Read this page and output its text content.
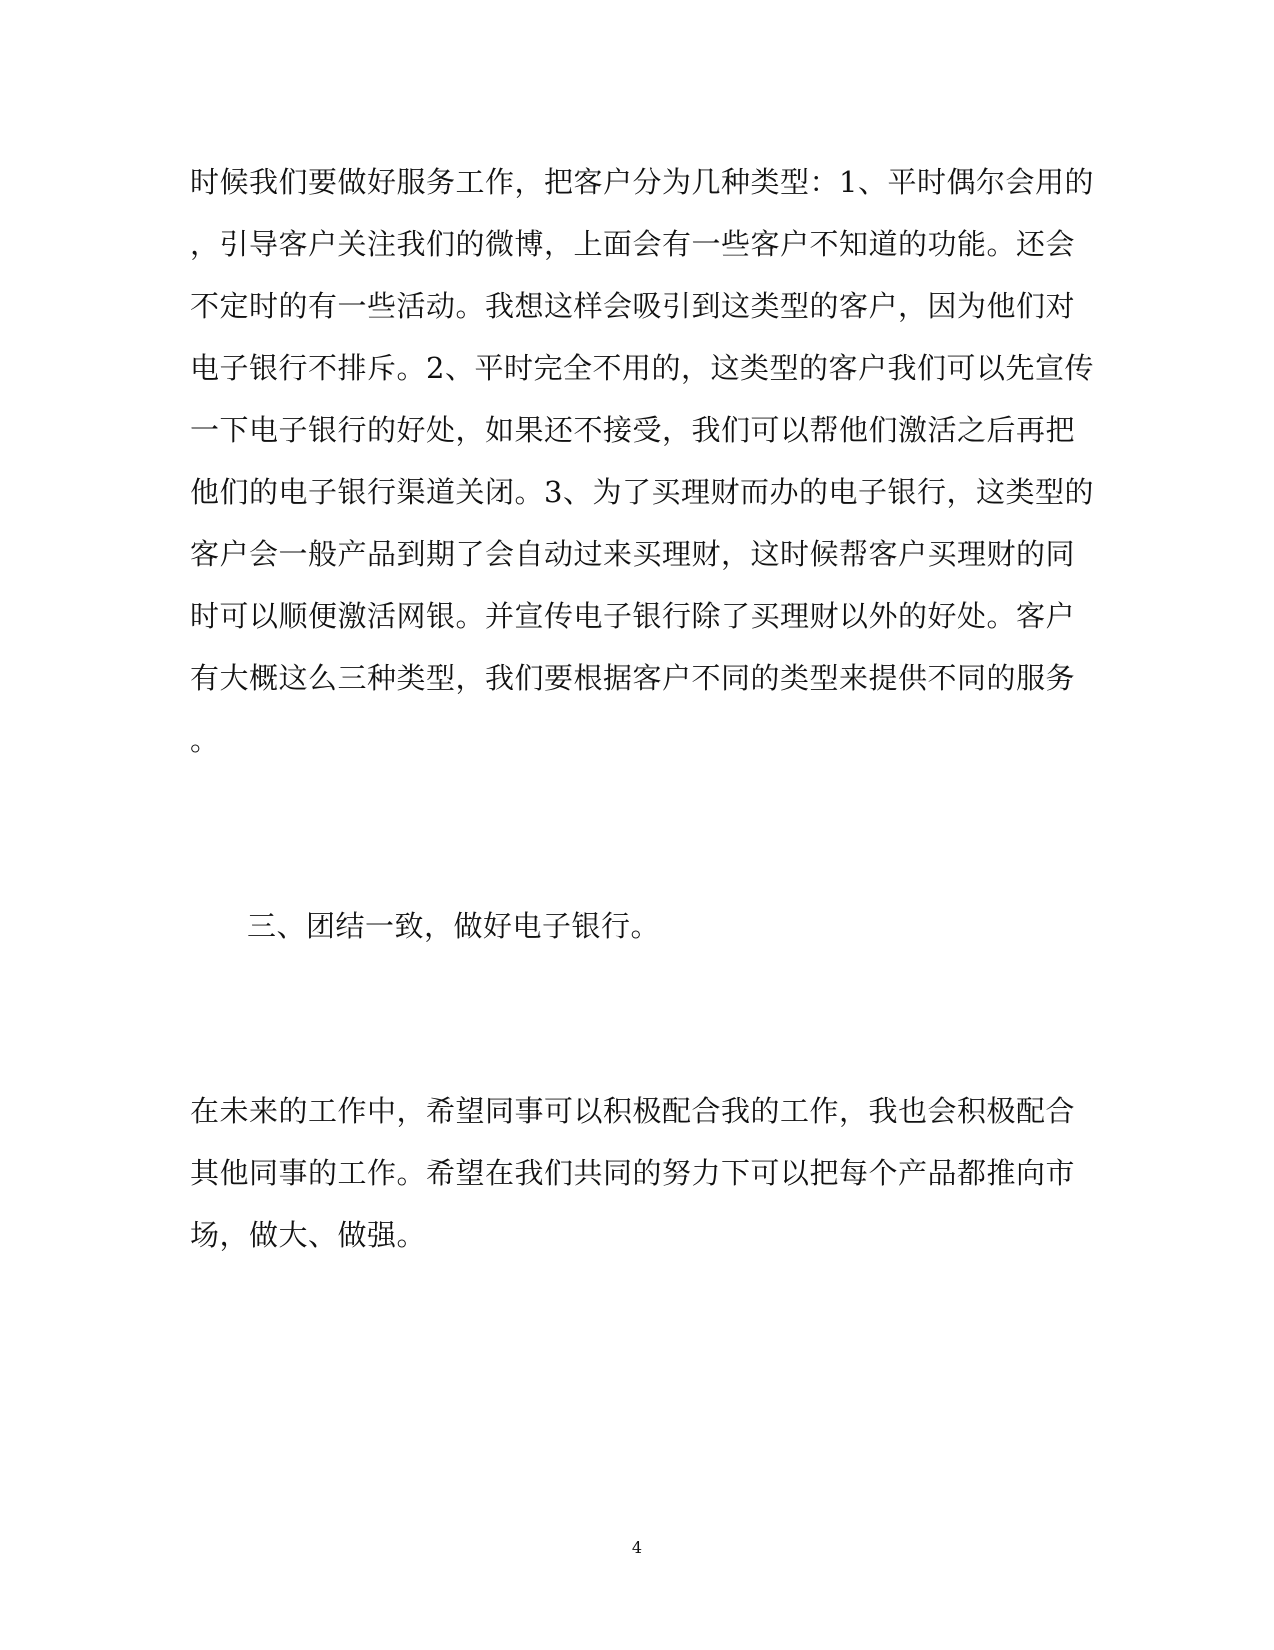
时候我们要做好服务工作，把客户分为几种类型：1、平时偶尔会用的
，引导客户关注我们的微博，上面会有一些客户不知道的功能。还会
不定时的有一些活动。我想这样会吸引到这类型的客户，因为他们对
电子银行不排斥。2、平时完全不用的，这类型的客户我们可以先宣传
一下电子银行的好处，如果还不接受，我们可以帮他们激活之后再把
他们的电子银行渠道关闭。3、为了买理财而办的电子银行，这类型的
客户会一般产品到期了会自动过来买理财，这时候帮客户买理财的同
时可以顺便激活网银。并宣传电子银行除了买理财以外的好处。客户
有大概这么三种类型，我们要根据客户不同的类型来提供不同的服务
。
三、团结一致，做好电子银行。
在未来的工作中，希望同事可以积极配合我的工作，我也会积极配合
其他同事的工作。希望在我们共同的努力下可以把每个产品都推向市
场，做大、做强。
4
